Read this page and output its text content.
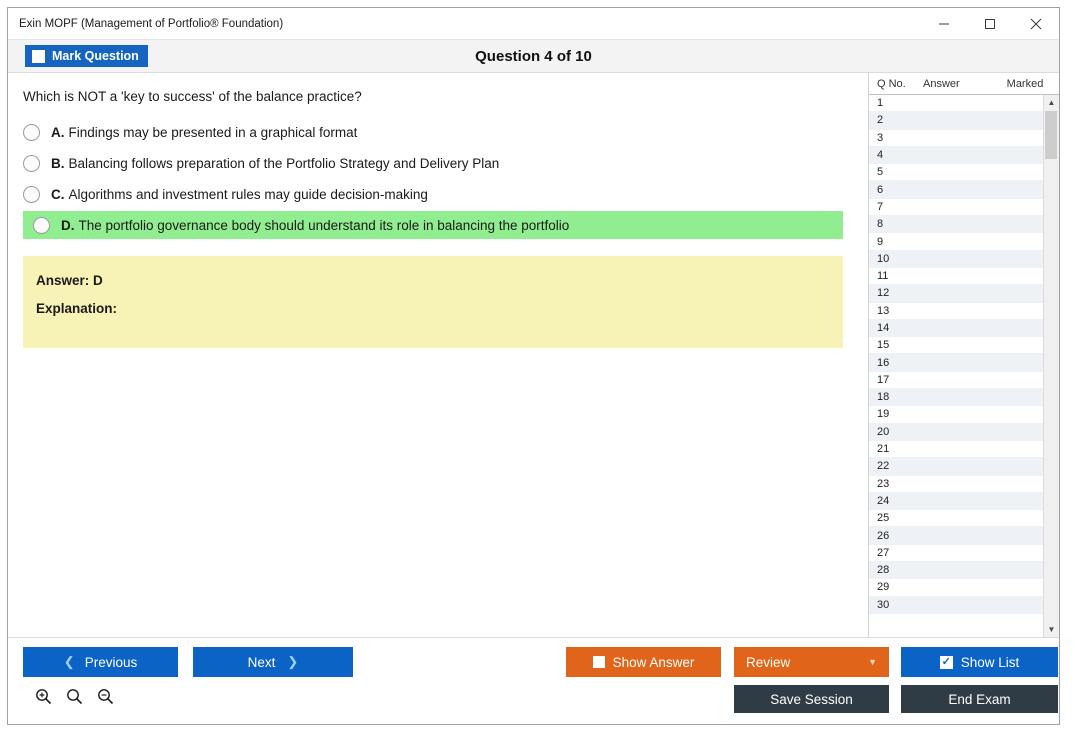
Exin MOPF (Management of Portfolio® Foundation)
Mark Question	Question 4 of 10
Which is NOT a 'key to success' of the balance practice?
A. Findings may be presented in a graphical format
B. Balancing follows preparation of the Portfolio Strategy and Delivery Plan
C. Algorithms and investment rules may guide decision-making
D. The portfolio governance body should understand its role in balancing the portfolio
Answer: D
Explanation:
Q No.	Answer	Marked
1
2
3
4
5
6
7
8
9
10
11
12
13
14
15
16
17
18
19
20
21
22
23
24
25
26
27
28
29
30
▲
▼
❮ Previous	Next ❯	Show Answer	Review	▼	✓ Show List
Save Session	End Exam
